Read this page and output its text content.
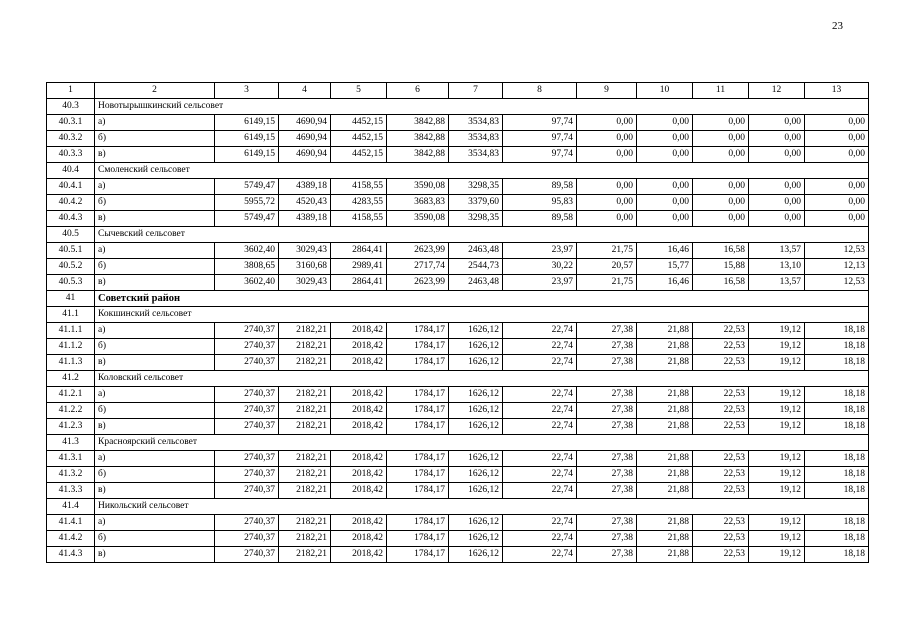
23
1	2	3	4	5	6	7	8	9	10	11	12	13
40.3	Новотырышкинский сельсовет											
40.3.1	а)	6149,15	4690,94	4452,15	3842,88	3534,83	97,74	0,00	0,00	0,00	0,00	0,00
40.3.2	б)	6149,15	4690,94	4452,15	3842,88	3534,83	97,74	0,00	0,00	0,00	0,00	0,00
40.3.3	в)	6149,15	4690,94	4452,15	3842,88	3534,83	97,74	0,00	0,00	0,00	0,00	0,00
40.4	Смоленский сельсовет											
40.4.1	а)	5749,47	4389,18	4158,55	3590,08	3298,35	89,58	0,00	0,00	0,00	0,00	0,00
40.4.2	б)	5955,72	4520,43	4283,55	3683,83	3379,60	95,83	0,00	0,00	0,00	0,00	0,00
40.4.3	в)	5749,47	4389,18	4158,55	3590,08	3298,35	89,58	0,00	0,00	0,00	0,00	0,00
40.5	Сычевский сельсовет											
40.5.1	а)	3602,40	3029,43	2864,41	2623,99	2463,48	23,97	21,75	16,46	16,58	13,57	12,53
40.5.2	б)	3808,65	3160,68	2989,41	2717,74	2544,73	30,22	20,57	15,77	15,88	13,10	12,13
40.5.3	в)	3602,40	3029,43	2864,41	2623,99	2463,48	23,97	21,75	16,46	16,58	13,57	12,53
41	Советский район											
41.1	Кокшинский сельсовет											
41.1.1	а)	2740,37	2182,21	2018,42	1784,17	1626,12	22,74	27,38	21,88	22,53	19,12	18,18
41.1.2	б)	2740,37	2182,21	2018,42	1784,17	1626,12	22,74	27,38	21,88	22,53	19,12	18,18
41.1.3	в)	2740,37	2182,21	2018,42	1784,17	1626,12	22,74	27,38	21,88	22,53	19,12	18,18
41.2	Коловский сельсовет											
41.2.1	а)	2740,37	2182,21	2018,42	1784,17	1626,12	22,74	27,38	21,88	22,53	19,12	18,18
41.2.2	б)	2740,37	2182,21	2018,42	1784,17	1626,12	22,74	27,38	21,88	22,53	19,12	18,18
41.2.3	в)	2740,37	2182,21	2018,42	1784,17	1626,12	22,74	27,38	21,88	22,53	19,12	18,18
41.3	Красноярский сельсовет											
41.3.1	а)	2740,37	2182,21	2018,42	1784,17	1626,12	22,74	27,38	21,88	22,53	19,12	18,18
41.3.2	б)	2740,37	2182,21	2018,42	1784,17	1626,12	22,74	27,38	21,88	22,53	19,12	18,18
41.3.3	в)	2740,37	2182,21	2018,42	1784,17	1626,12	22,74	27,38	21,88	22,53	19,12	18,18
41.4	Никольский сельсовет											
41.4.1	а)	2740,37	2182,21	2018,42	1784,17	1626,12	22,74	27,38	21,88	22,53	19,12	18,18
41.4.2	б)	2740,37	2182,21	2018,42	1784,17	1626,12	22,74	27,38	21,88	22,53	19,12	18,18
41.4.3	в)	2740,37	2182,21	2018,42	1784,17	1626,12	22,74	27,38	21,88	22,53	19,12	18,18
